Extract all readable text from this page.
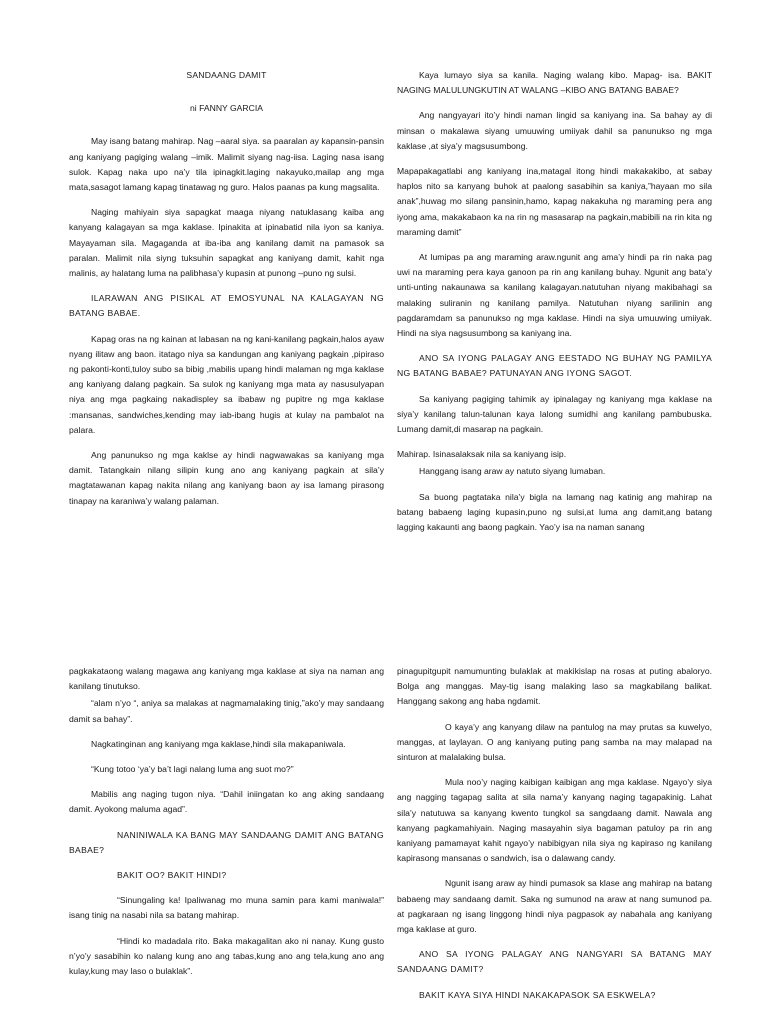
SANDAANG DAMIT

ni FANNY GARCIA

May isang batang mahirap. Nag –aaral siya. sa paaralan ay kapansin-pansin ang kaniyang pagiging walang –imik. Malimit siyang nag-iisa. Laging nasa isang sulok. Kapag naka upo na’y tila ipinagkit.laging nakayuko,mailap ang mga mata,sasagot lamang kapag tinatawag ng guro. Halos paanas pa kung magsalita.

Naging mahiyain siya sapagkat maaga niyang natuklasang kaiba ang kanyang kalagayan sa mga kaklase. Ipinakita at ipinabatid nila iyon sa kaniya. Mayayaman sila. Magaganda at iba-iba ang kanilang damit na pamasok sa paralan. Malimit nila siyng tuksuhin sapagkat ang kaniyang damit, kahit nga malinis, ay halatang luma na palibhasa’y kupasin at punong –puno ng sulsi.

ILARAWAN ANG PISIKAL AT EMOSYUNAL NA KALAGAYAN NG BATANG BABAE.

Kapag oras na ng kainan at labasan na ng kani-kanilang pagkain,halos ayaw nyang ilitaw ang baon. itatago niya sa kandungan ang kaniyang pagkain ,pipiraso ng pakonti-konti,tuloy subo sa bibig ,mabilis upang hindi malaman ng mga kaklase ang kaniyang dalang pagkain. Sa sulok ng kaniyang mga mata ay nasusulyapan niya ang mga pagkaing nakadispley sa ibabaw ng pupitre ng mga kaklase :mansanas, sandwiches,kending may iab-ibang hugis at kulay na pambalot na palara.

Ang panunukso ng mga kaklse ay hindi nagwawakas sa kaniyang mga damit. Tatangkain nilang silipin kung ano ang kaniyang pagkain at sila’y magtatawanan kapag nakita nilang ang kaniyang baon ay isa lamang pirasong tinapay na karaniwa’y walang palaman.

Kaya lumayo siya sa kanila. Naging walang kibo. Mapag- isa. BAKIT NAGING MALULUNGKUTIN AT WALANG –KIBO ANG BATANG BABAE?

Ang nangyayari ito’y hindi naman lingid sa kaniyang ina. Sa bahay ay di minsan o makalawa siyang umuuwing umiiyak dahil sa panunukso ng mga kaklase ,at siya’y magsusumbong.

Mapapakagatlabi ang kaniyang ina,matagal itong hindi makakakibo, at sabay haplos nito sa kanyang buhok at paalong sasabihin sa kaniya,”hayaan mo sila anak”,huwag mo silang pansinin,hamo, kapag nakakuha ng maraming pera ang iyong ama, makakabaon ka na rin ng masasarap na pagkain,mabibili na rin kita ng maraming damit”

At lumipas pa ang maraming araw.ngunit ang ama’y hindi pa rin naka pag uwi na maraming pera kaya ganoon pa rin ang kanilang buhay. Ngunit ang bata’y unti-unting nakaunawa sa kanilang kalagayan.natutuhan niyang makibahagi sa malaking suliranin ng kanilang pamilya. Natutuhan niyang sarilinin ang pagdaramdam sa panunukso ng mga kaklase. Hindi na siya umuuwing umiiyak. Hindi na siya nagsusumbong sa kaniyang ina.

ANO SA IYONG PALAGAY ANG EESTADO NG BUHAY NG PAMILYA NG BATANG BABAE? PATUNAYAN ANG IYONG SAGOT.

Sa kaniyang pagiging tahimik ay ipinalagay ng kaniyang mga kaklase na siya’y kanilang talun-talunan kaya lalong sumidhi ang kanilang pambubuska. Lumang damit,di masarap na pagkain.

Mahirap. Isinasalaksak nila sa kaniyang isip.

Hanggang isang araw ay natuto siyang lumaban.

Sa buong pagtataka nila’y bigla na lamang nag katinig ang mahirap na batang babaeng laging kupasin,puno ng sulsi,at luma ang damit,ang batang lagging kakaunti ang baong pagkain. Yao’y isa na naman sanang

pagkakataong walang magawa ang kaniyang mga kaklase at siya na naman ang kanilang tinutukso.

“alam n’yo “, aniya sa malakas at nagmamalaking tinig,”ako’y may sandaang damit sa bahay”.

Nagkatinginan ang kaniyang mga kaklase,hindi sila makapaniwala.

“Kung totoo ‘ya’y ba’t lagi nalang luma ang suot mo?”

Mabilis ang naging tugon niya. “Dahil iniingatan ko ang aking sandaang damit. Ayokong maluma agad”.

NANINIWALA KA BANG MAY SANDAANG DAMIT ANG BATANG BABAE?

BAKIT OO? BAKIT HINDI?

“Sinungaling ka! Ipaliwanag mo muna samin para kami maniwala!” isang tinig na nasabi nila sa batang mahirap.

“Hindi ko madadala rito. Baka makagalitan ako ni nanay. Kung gusto n’yo’y sasabihin ko nalang kung ano ang tabas,kung ano ang tela,kung ano ang kulay,kung may laso o bulaklak”.

pinagupitgupit namumunting bulaklak at makikislap na rosas at puting abaloryo. Bolga ang manggas. May-tig isang malaking laso sa magkabilang balikat. Hanggang sakong ang haba ngdamit.

O kaya’y ang kanyang dilaw na pantulog na may prutas sa kuwelyo, manggas, at laylayan. O ang kaniyang puting pang samba na may malapad na sinturon at malalaking bulsa.

Mula noo’y naging kaibigan kaibigan ang mga kaklase. Ngayo’y siya ang nagging tagapag salita at sila nama’y kanyang naging tagapakinig. Lahat sila’y natutuwa sa kanyang kwento tungkol sa sangdaang damit. Nawala ang kanyang pagkamahiyain. Naging masayahin siya bagaman patuloy pa rin ang kaniyang pamamayat kahit ngayo’y nabibigyan nila siya ng kapiraso ng kanilang kapirasong mansanas o sandwich, isa o dalawang candy.

Ngunit isang araw ay hindi pumasok sa klase ang mahirap na batang babaeng may sandaang damit. Saka ng sumunod na araw at nang sumunod pa. at pagkaraan ng isang linggong hindi niya pagpasok ay nabahala ang kaniyang mga kaklase at guro.

ANO SA IYONG PALAGAY ANG NANGYARI SA BATANG MAY SANDAANG DAMIT?

BAKIT KAYA SIYA HINDI NAKAKAPASOK SA ESKWELA?
